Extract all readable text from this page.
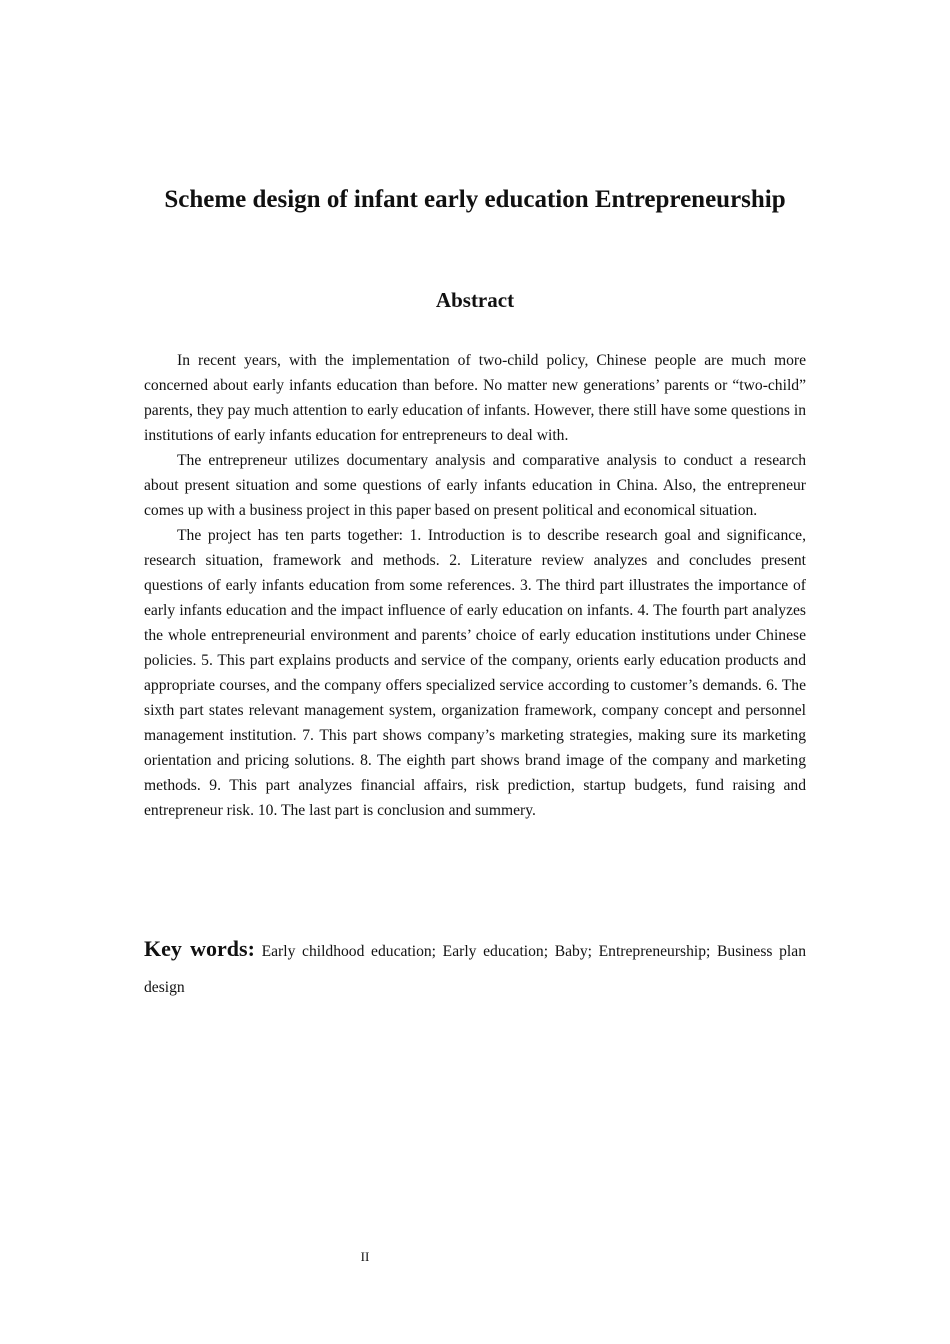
Scheme design of infant early education Entrepreneurship
Abstract

In recent years, with the implementation of two-child policy, Chinese people are much more concerned about early infants education than before. No matter new generations’ parents or “two-child” parents, they pay much attention to early education of infants. However, there still have some questions in institutions of early infants education for entrepreneurs to deal with.

The entrepreneur utilizes documentary analysis and comparative analysis to conduct a research about present situation and some questions of early infants education in China. Also, the entrepreneur comes up with a business project in this paper based on present political and economical situation.

The project has ten parts together: 1. Introduction is to describe research goal and significance, research situation, framework and methods. 2. Literature review analyzes and concludes present questions of early infants education from some references. 3. The third part illustrates the importance of early infants education and the impact influence of early education on infants. 4. The fourth part analyzes the whole entrepreneurial environment and parents’ choice of early education institutions under Chinese policies. 5. This part explains products and service of the company, orients early education products and appropriate courses, and the company offers specialized service according to customer’s demands. 6. The sixth part states relevant management system, organization framework, company concept and personnel management institution. 7. This part shows company’s marketing strategies, making sure its marketing orientation and pricing solutions. 8. The eighth part shows brand image of the company and marketing methods. 9. This part analyzes financial affairs, risk prediction, startup budgets, fund raising and entrepreneur risk. 10. The last part is conclusion and summery.

Key words: Early childhood education; Early education; Baby; Entrepreneurship; Business plan design
II
